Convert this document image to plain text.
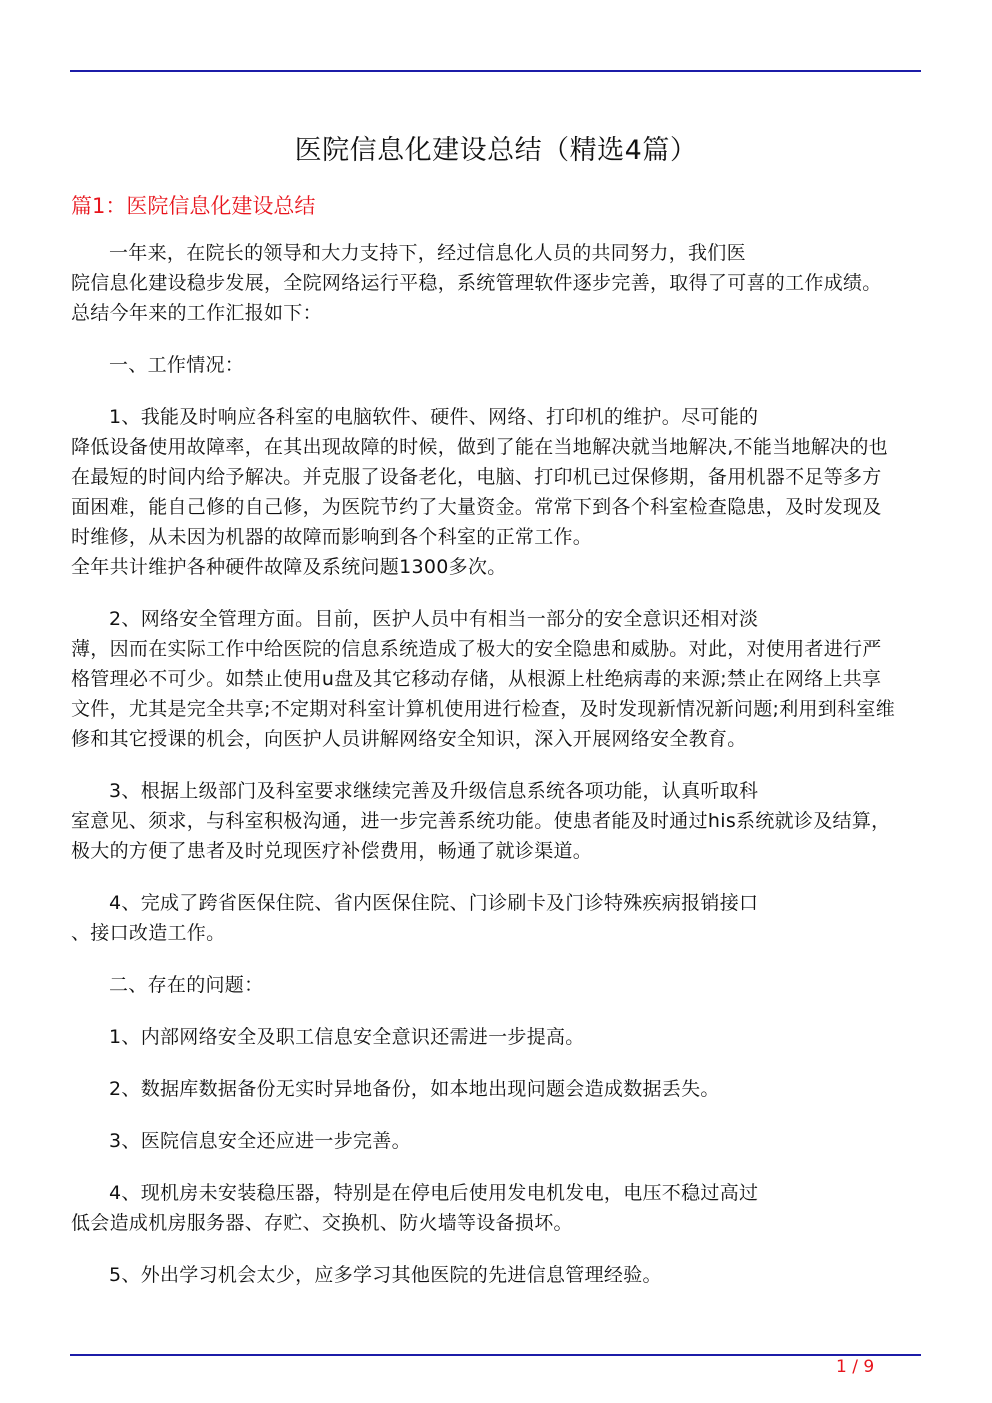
医院信息化建设总结（精选4篇）
篇1：医院信息化建设总结
一年来，在院长的领导和大力支持下，经过信息化人员的共同努力，我们医
院信息化建设稳步发展，全院网络运行平稳，系统管理软件逐步完善，取得了可喜的工作成绩。
总结今年来的工作汇报如下：
一、工作情况：
1、我能及时响应各科室的电脑软件、硬件、网络、打印机的维护。尽可能的
降低设备使用故障率，在其出现故障的时候，做到了能在当地解决就当地解决,不能当地解决的也
在最短的时间内给予解决。并克服了设备老化，电脑、打印机已过保修期，备用机器不足等多方
面困难，能自己修的自己修，为医院节约了大量资金。常常下到各个科室检查隐患，及时发现及
时维修，从未因为机器的故障而影响到各个科室的正常工作。
全年共计维护各种硬件故障及系统问题1300多次。
2、网络安全管理方面。目前，医护人员中有相当一部分的安全意识还相对淡
薄，因而在实际工作中给医院的信息系统造成了极大的安全隐患和威胁。对此，对使用者进行严
格管理必不可少。如禁止使用u盘及其它移动存储，从根源上杜绝病毒的来源;禁止在网络上共享
文件，尤其是完全共享;不定期对科室计算机使用进行检查，及时发现新情况新问题;利用到科室维
修和其它授课的机会，向医护人员讲解网络安全知识，深入开展网络安全教育。
3、根据上级部门及科室要求继续完善及升级信息系统各项功能，认真听取科
室意见、须求，与科室积极沟通，进一步完善系统功能。使患者能及时通过his系统就诊及结算，
极大的方便了患者及时兑现医疗补偿费用，畅通了就诊渠道。
4、完成了跨省医保住院、省内医保住院、门诊刷卡及门诊特殊疾病报销接口
、接口改造工作。
二、存在的问题：
1、内部网络安全及职工信息安全意识还需进一步提高。
2、数据库数据备份无实时异地备份，如本地出现问题会造成数据丢失。
3、医院信息安全还应进一步完善。
4、现机房未安装稳压器，特别是在停电后使用发电机发电，电压不稳过高过
低会造成机房服务器、存贮、交换机、防火墙等设备损坏。
5、外出学习机会太少，应多学习其他医院的先进信息管理经验。
1 / 9
